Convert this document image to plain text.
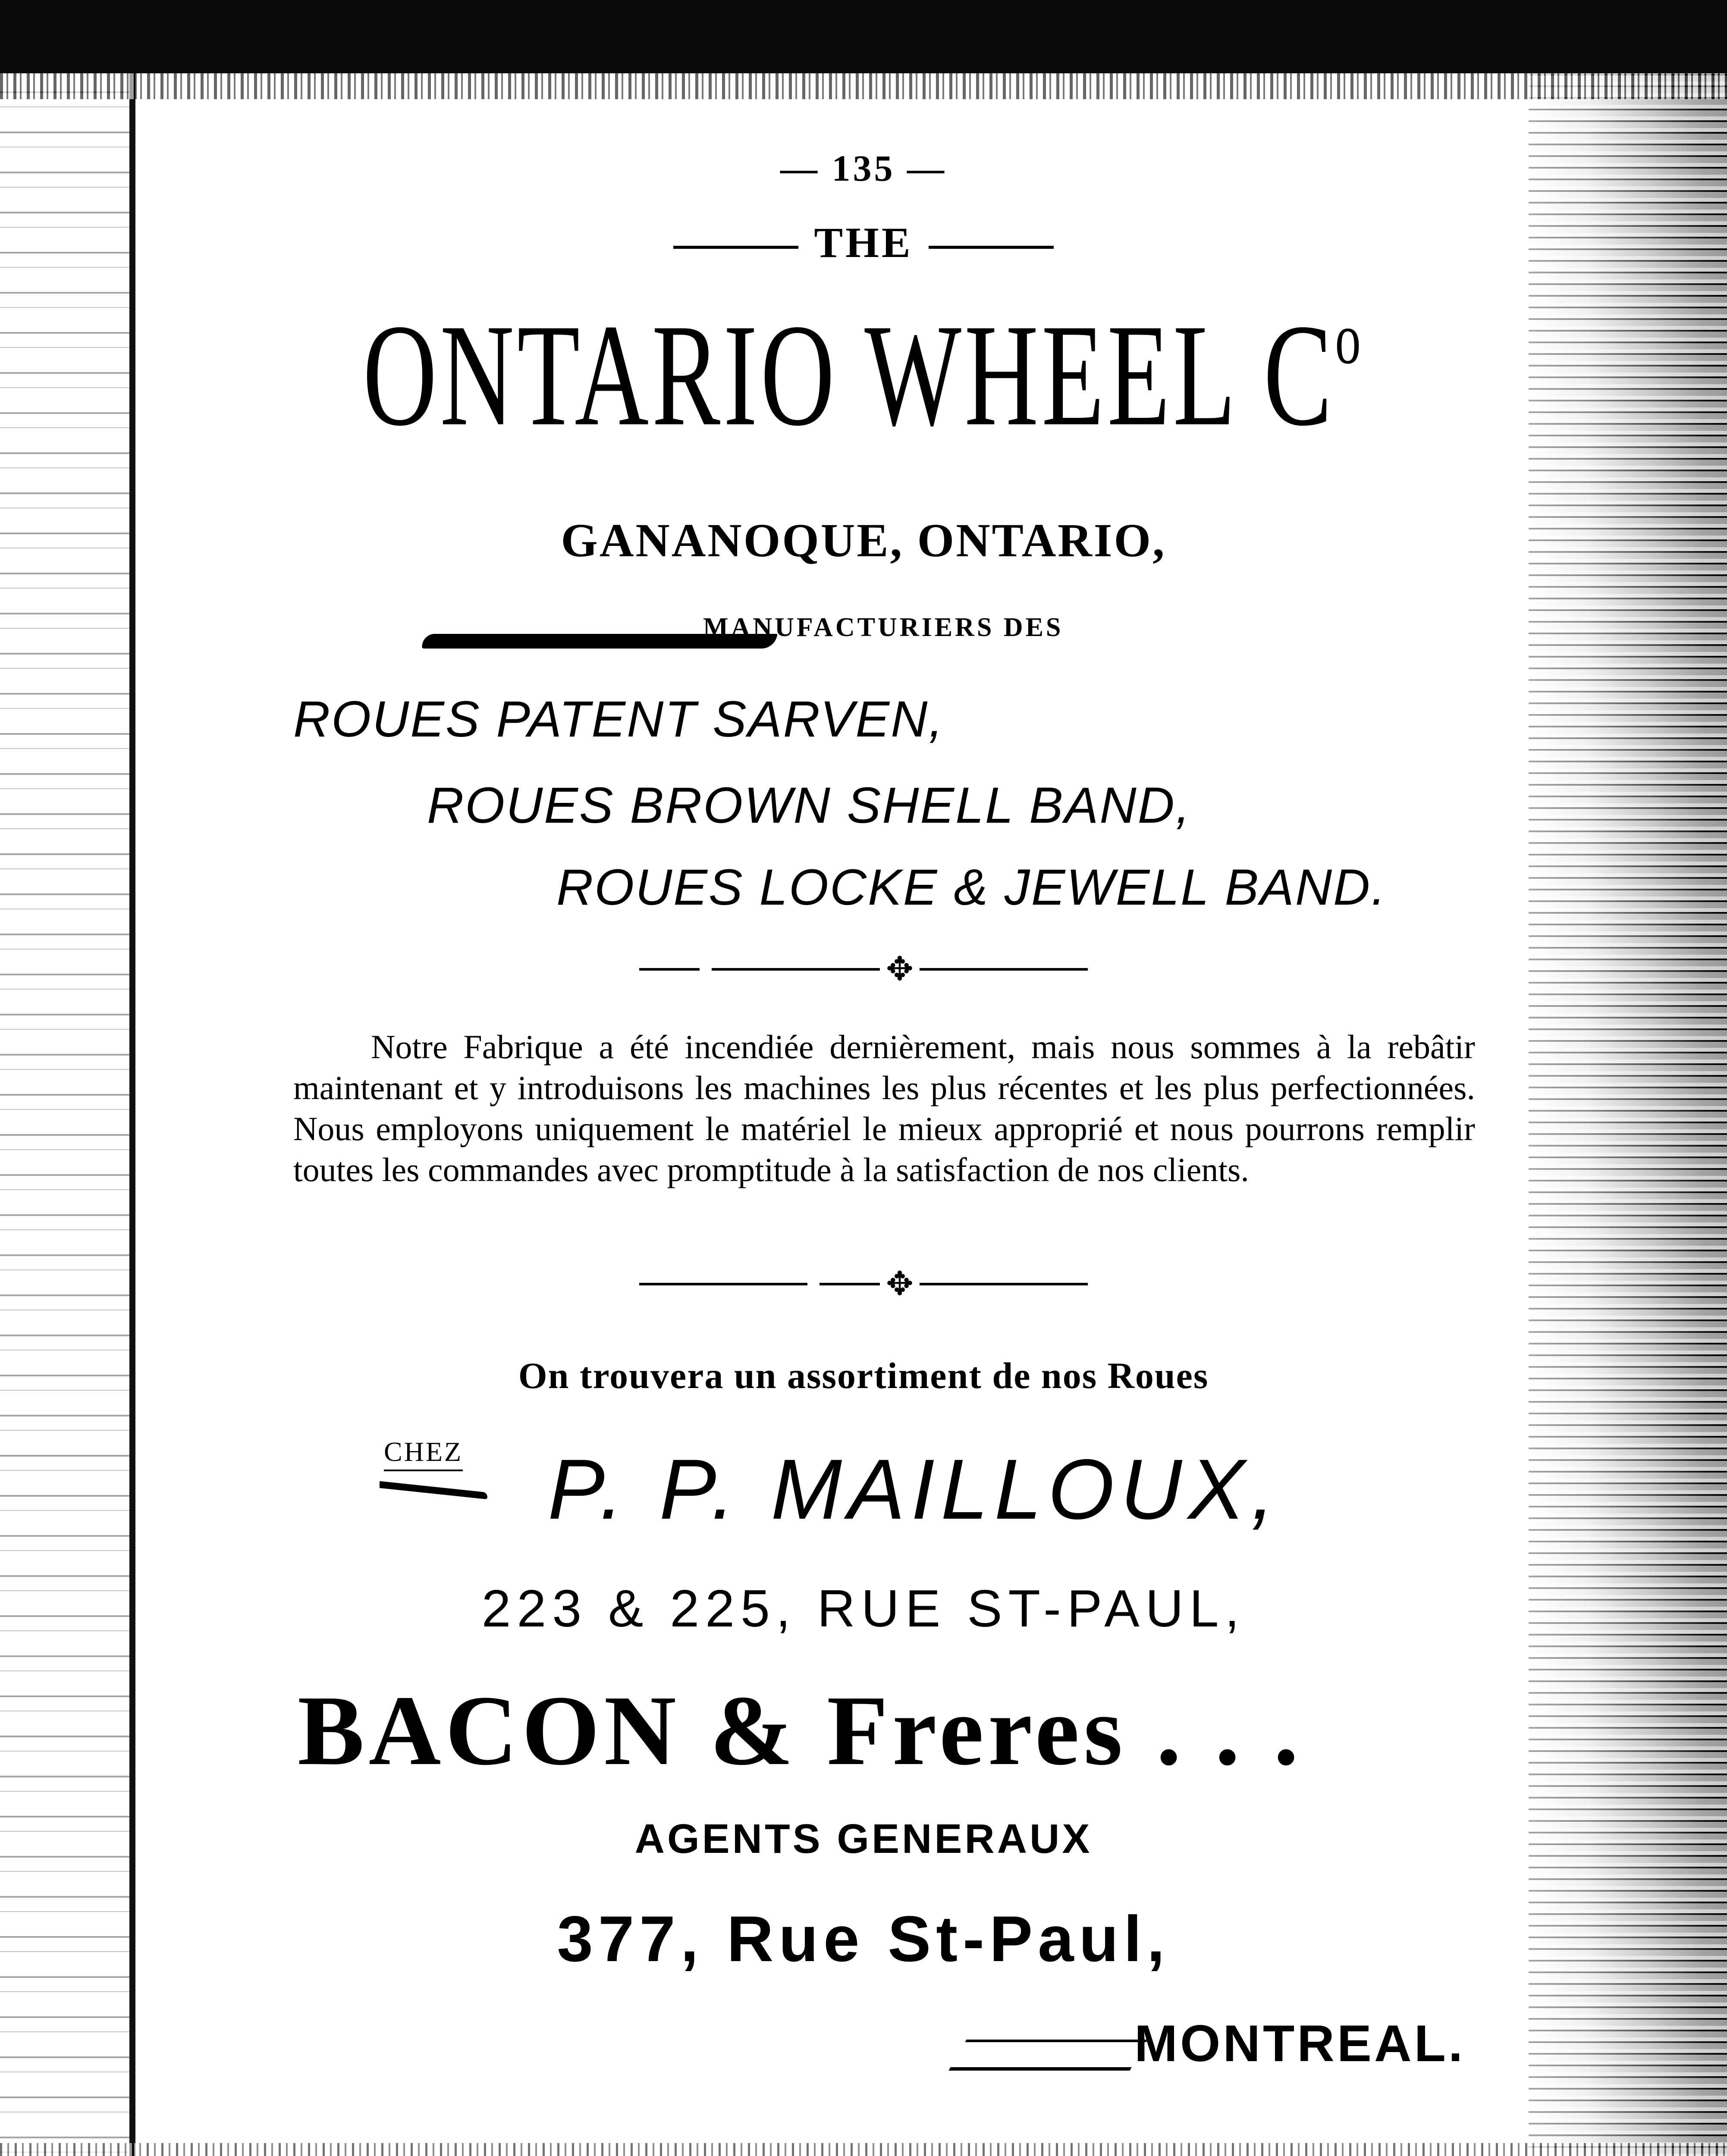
— 135 —
THE
ONTARIO WHEEL $C^o$
GANANOQUE, ONTARIO,
MANUFACTURIERS DES
ROUES PATENT SARVEN,
ROUES BROWN SHELL BAND,
ROUES LOCKE & JEWELL BAND.
✥

Notre Fabrique a été incendiée dernièrement, mais nous sommes à la rebâtir maintenant et y introduisons les machines les plus récentes et les plus perfectionnées. Nous employons uniquement le matériel le mieux approprié et nous pourrons remplir toutes les commandes avec promptitude à la satisfaction de nos clients.

✥
On trouvera un assortiment de nos Roues
CHEZ P. P. MAILLOUX,
223 & 225, RUE ST-PAUL,
BACON & Freres . . .
AGENTS GENERAUX
377, Rue St-Paul,
MONTREAL.
